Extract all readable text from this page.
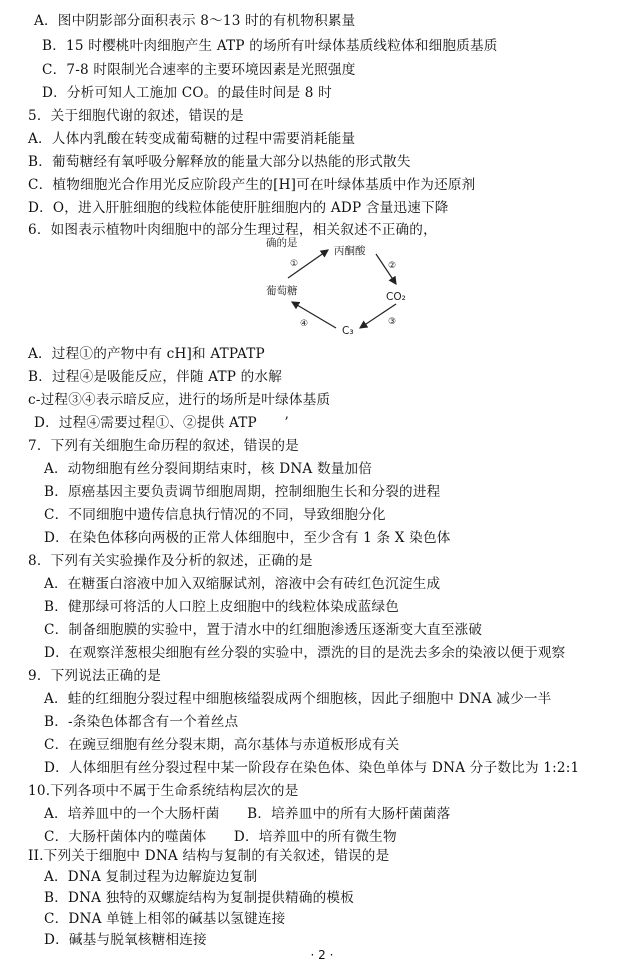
A．图中阴影部分面积表示 8～13 时的有机物积累量
B．15 时樱桃叶肉细胞产生 ATP 的场所有叶绿体基质线粒体和细胞质基质
C．7-8 时限制光合速率的主要环境因素是光照强度
D．分析可知人工施加 CO。的最佳时间是 8 时
5．关于细胞代谢的叙述，错误的是
A．人体内乳酸在转变成葡萄糖的过程中需要消耗能量
B．葡萄糖经有氧呼吸分解释放的能量大部分以热能的形式散失
C．植物细胞光合作用光反应阶段产生的[H]可在叶绿体基质中作为还原剂
D．O，进入肝脏细胞的线粒体能使肝脏细胞内的 ADP 含量迅速下降
6．如图表示植物叶肉细胞中的部分生理过程，相关叙述不正确的，
确的是
葡萄糖
丙酮酸
CO₂
C₃
①	②
③
④
A．过程①的产物中有 cH]和 ATPATP
B．过程④是吸能反应，伴随 ATP 的水解
c-过程③④表示暗反应，进行的场所是叶绿体基质
D．过程④需要过程①、②提供 ATP　　’
7．下列有关细胞生命历程的叙述，错误的是
A．动物细胞有丝分裂间期结束时，核 DNA 数量加倍
B．原癌基因主要负责调节细胞周期，控制细胞生长和分裂的进程
C．不同细胞中遗传信息执行情况的不同，导致细胞分化
D．在染色体移向两极的正常人体细胞中，至少含有 1 条 X 染色体
8．下列有关实验操作及分析的叙述，正确的是
A．在糖蛋白溶液中加入双缩脲试剂，溶液中会有砖红色沉淀生成
B．健那绿可将活的人口腔上皮细胞中的线粒体染成蓝绿色
C．制备细胞膜的实验中，置于清水中的红细胞渗透压逐渐变大直至涨破
D．在观察洋葱根尖细胞有丝分裂的实验中，漂洗的目的是洗去多余的染液以便于观察
9．下列说法正确的是
A．蛙的红细胞分裂过程中细胞核缢裂成两个细胞核，因此子细胞中 DNA 减少一半
B．-条染色体都含有一个着丝点
C．在豌豆细胞有丝分裂末期，高尔基体与赤道板形成有关
D．人体细胆有丝分裂过程中某一阶段存在染色体、染色单体与 DNA 分子数比为 1:2:1
10.下列各项中不属于生命系统结构层次的是
A．培养皿中的一个大肠杆菌　　B．培养皿中的所有大肠杆菌菌落
C．大肠杆菌体内的噬菌体　　D．培养皿中的所有微生物
II.下列关于细胞中 DNA 结构与复制的有关叙述，错误的是
A．DNA 复制过程为边解旋边复制
B．DNA 独特的双螺旋结构为复制提供精确的模板
· 2 ·
C．DNA 单链上相邻的碱基以氢键连接
D．碱基与脱氧核糖相连接
